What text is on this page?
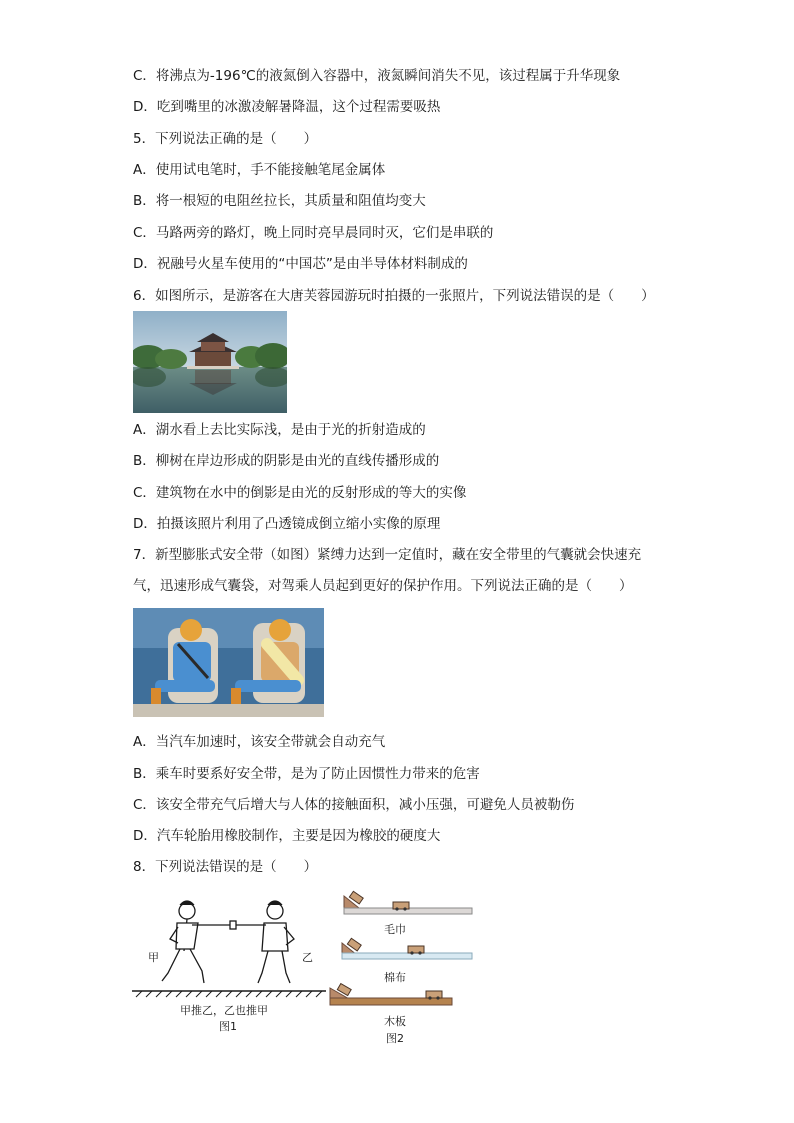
C．将沸点为-196℃的液氮倒入容器中，液氮瞬间消失不见，该过程属于升华现象
D．吃到嘴里的冰激凌解暑降温，这个过程需要吸热
5．下列说法正确的是（　　）
A．使用试电笔时，手不能接触笔尾金属体
B．将一根短的电阻丝拉长，其质量和阻值均变大
C．马路两旁的路灯，晚上同时亮早晨同时灭，它们是串联的
D．祝融号火星车使用的“中国芯”是由半导体材料制成的
6．如图所示，是游客在大唐芙蓉园游玩时拍摄的一张照片，下列说法错误的是（　　）
A．湖水看上去比实际浅，是由于光的折射造成的
B．柳树在岸边形成的阴影是由光的直线传播形成的
C．建筑物在水中的倒影是由光的反射形成的等大的实像
D．拍摄该照片利用了凸透镜成倒立缩小实像的原理
7．新型膨胀式安全带（如图）紧缚力达到一定值时，藏在安全带里的气囊就会快速充
气，迅速形成气囊袋，对驾乘人员起到更好的保护作用。下列说法正确的是（　　）
A．当汽车加速时，该安全带就会自动充气
B．乘车时要系好安全带，是为了防止因惯性力带来的危害
C．该安全带充气后增大与人体的接触面积，减小压强，可避免人员被勒伤
D．汽车轮胎用橡胶制作，主要是因为橡胶的硬度大
8．下列说法错误的是（　　）
甲	乙
甲推乙，乙也推甲
图1
毛巾
棉布
木板
图2
